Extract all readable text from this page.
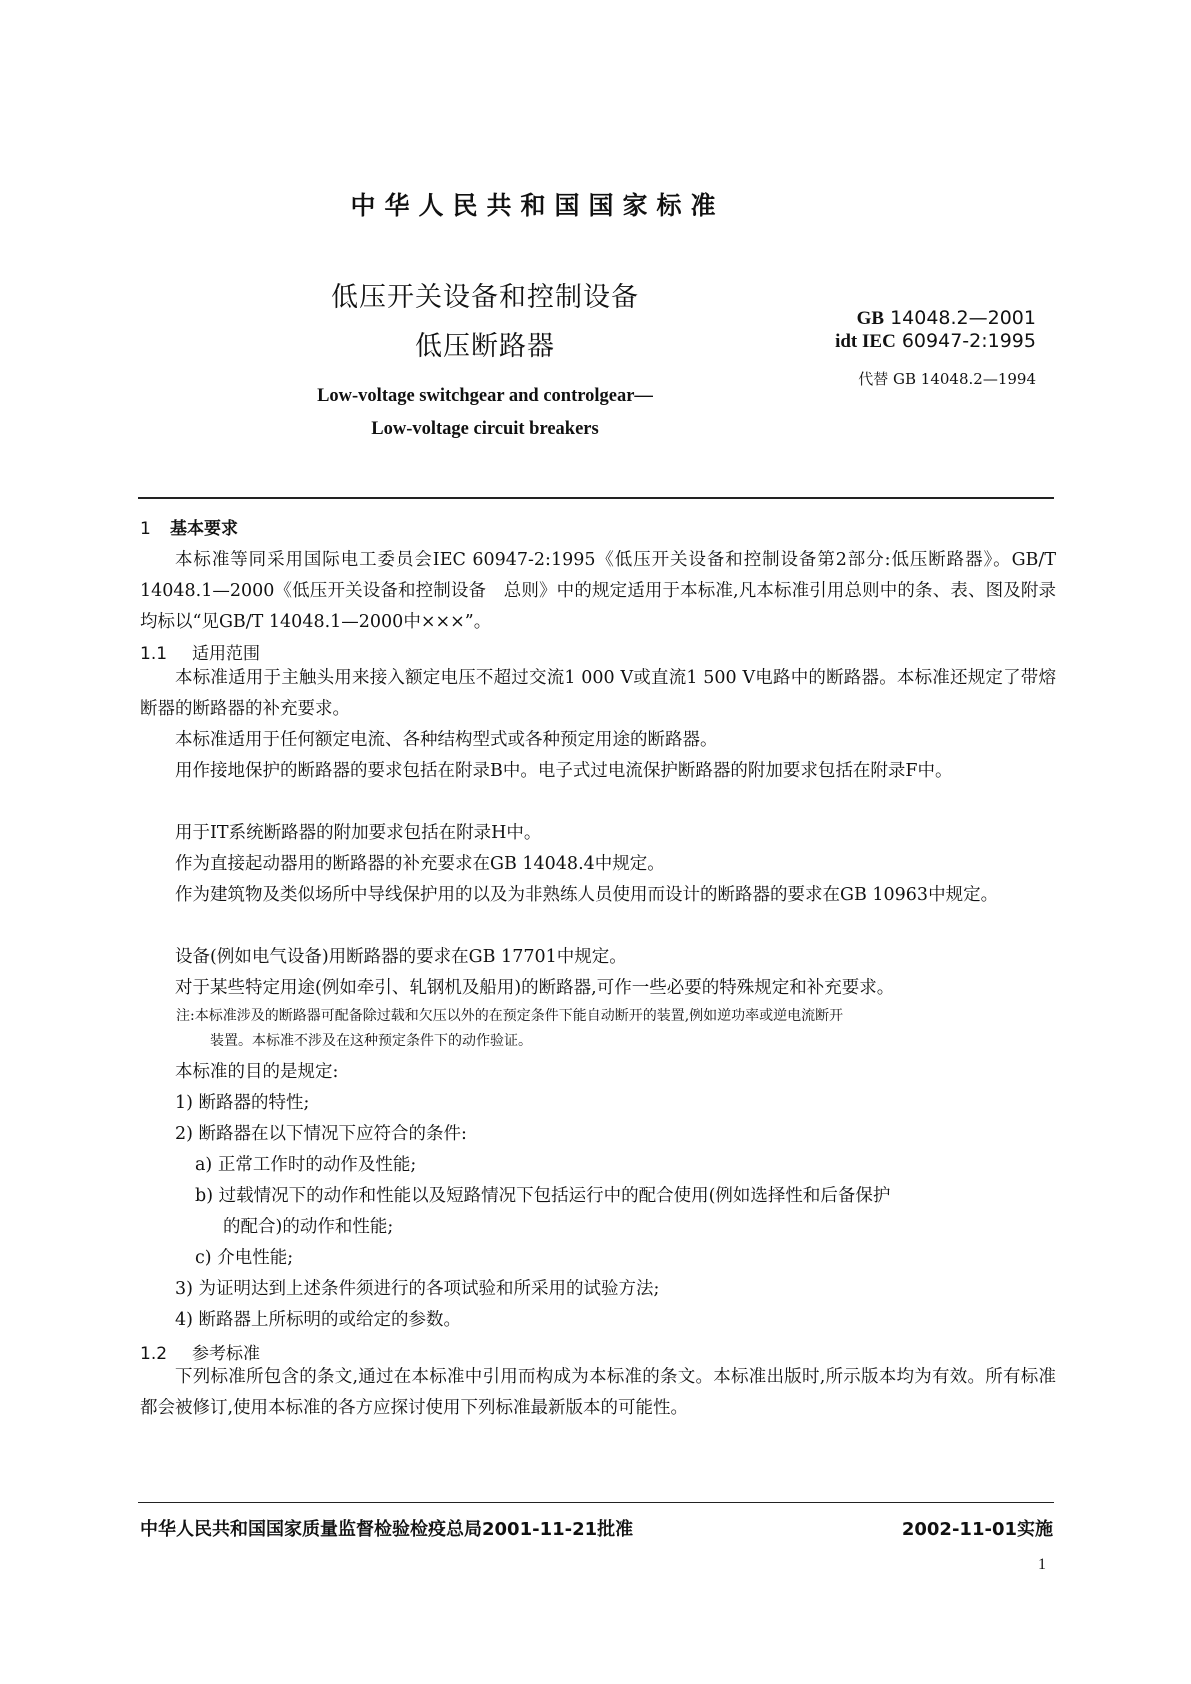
中华人民共和国国家标准
低压开关设备和控制设备
低压断路器
GB 14048.2—2001
idt IEC 60947-2:1995
代替 GB 14048.2—1994
Low-voltage switchgear and controlgear—
Low-voltage circuit breakers
1 基本要求
本标准等同采用国际电工委员会IEC 60947-2:1995《低压开关设备和控制设备第2部分:低压断路器》。GB/T 14048.1—2000《低压开关设备和控制设备　总则》中的规定适用于本标准,凡本标准引用总则中的条、表、图及附录均标以“见GB/T 14048.1—2000中×××”。
1.1 适用范围
本标准适用于主触头用来接入额定电压不超过交流1 000 V或直流1 500 V电路中的断路器。本标准还规定了带熔断器的断路器的补充要求。
本标准适用于任何额定电流、各种结构型式或各种预定用途的断路器。
用作接地保护的断路器的要求包括在附录B中。电子式过电流保护断路器的附加要求包括在附录F中。
用于IT系统断路器的附加要求包括在附录H中。
作为直接起动器用的断路器的补充要求在GB 14048.4中规定。
作为建筑物及类似场所中导线保护用的以及为非熟练人员使用而设计的断路器的要求在GB 10963中规定。
设备(例如电气设备)用断路器的要求在GB 17701中规定。
对于某些特定用途(例如牵引、轧钢机及船用)的断路器,可作一些必要的特殊规定和补充要求。
注:本标准涉及的断路器可配备除过载和欠压以外的在预定条件下能自动断开的装置,例如逆功率或逆电流断开
装置。本标准不涉及在这种预定条件下的动作验证。
本标准的目的是规定:
1) 断路器的特性;
2) 断路器在以下情况下应符合的条件:
a) 正常工作时的动作及性能;
b) 过载情况下的动作和性能以及短路情况下包括运行中的配合使用(例如选择性和后备保护
的配合)的动作和性能;
c) 介电性能;
3) 为证明达到上述条件须进行的各项试验和所采用的试验方法;
4) 断路器上所标明的或给定的参数。
1.2 参考标准
下列标准所包含的条文,通过在本标准中引用而构成为本标准的条文。本标准出版时,所示版本均为有效。所有标准都会被修订,使用本标准的各方应探讨使用下列标准最新版本的可能性。
中华人民共和国国家质量监督检验检疫总局2001-11-21批准	2002-11-01实施
1
